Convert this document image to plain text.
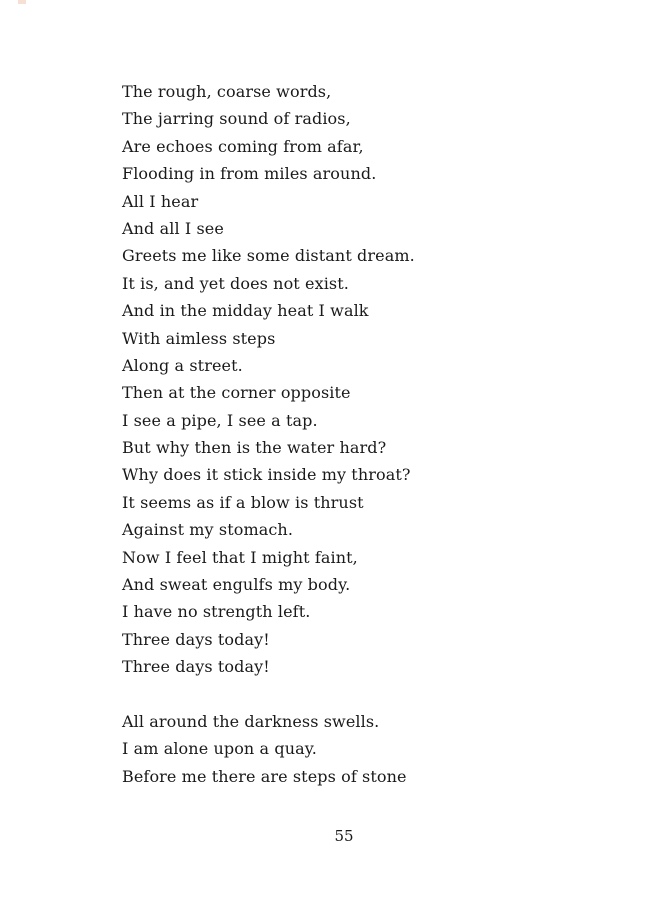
The rough, coarse words,
The jarring sound of radios,
Are echoes coming from afar,
Flooding in from miles around.
All I hear
And all I see
Greets me like some distant dream.
It is, and yet does not exist.
And in the midday heat I walk
With aimless steps
Along a street.
Then at the corner opposite
I see a pipe, I see a tap.
But why then is the water hard?
Why does it stick inside my throat?
It seems as if a blow is thrust
Against my stomach.
Now I feel that I might faint,
And sweat engulfs my body.
I have no strength left.
Three days today!
Three days today!
All around the darkness swells.
I am alone upon a quay.
Before me there are steps of stone
55
